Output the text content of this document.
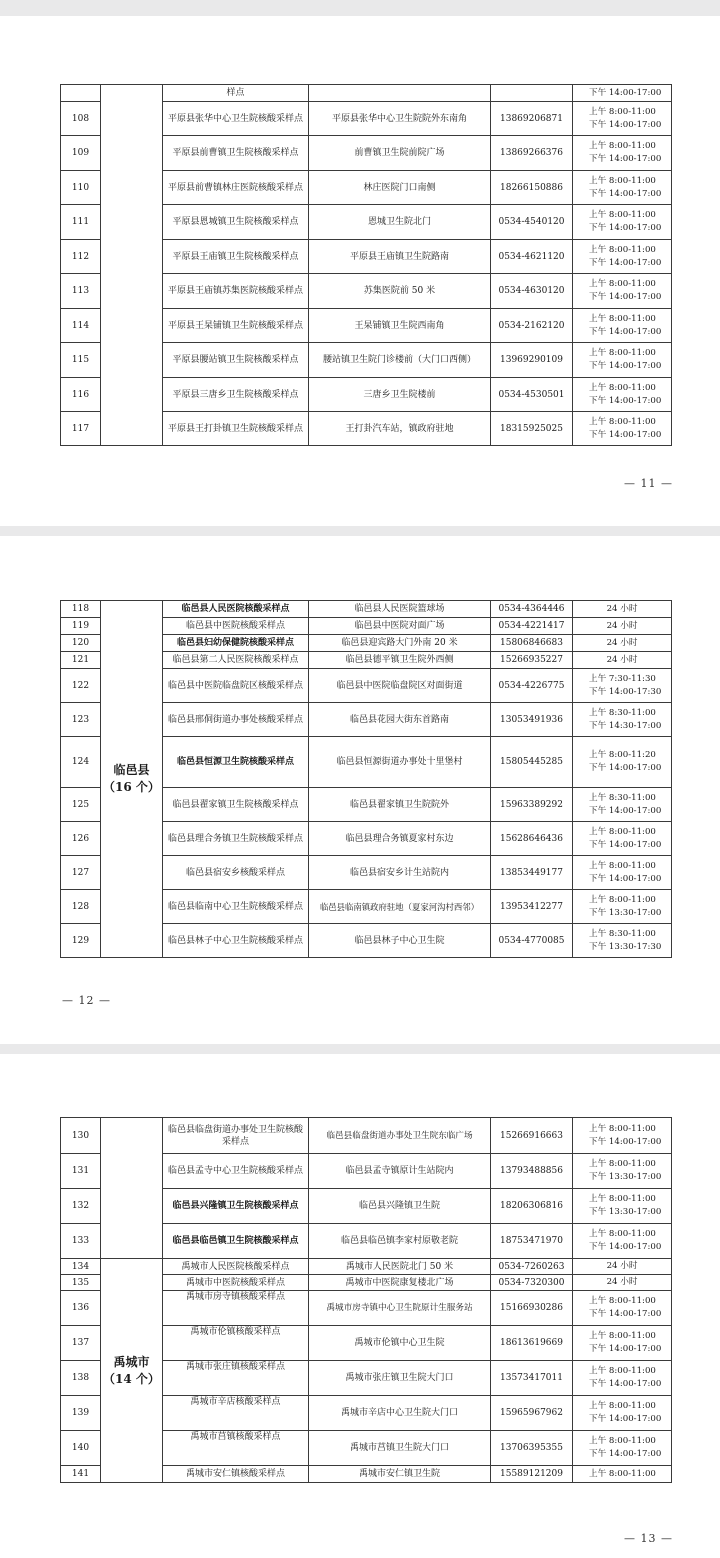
		样点			下午 14:00-17:00
108		平原县张华中心卫生院核酸采样点	平原县张华中心卫生院院外东南角	13869206871	上午 8:00-11:00
下午 14:00-17:00
109		平原县前曹镇卫生院核酸采样点	前曹镇卫生院前院广场	13869266376	上午 8:00-11:00
下午 14:00-17:00
110		平原县前曹镇林庄医院核酸采样点	林庄医院门口南侧	18266150886	上午 8:00-11:00
下午 14:00-17:00
111		平原县恩城镇卫生院核酸采样点	恩城卫生院北门	0534-4540120	上午 8:00-11:00
下午 14:00-17:00
112		平原县王庙镇卫生院核酸采样点	平原县王庙镇卫生院路南	0534-4621120	上午 8:00-11:00
下午 14:00-17:00
113		平原县王庙镇苏集医院核酸采样点	苏集医院前 50 米	0534-4630120	上午 8:00-11:00
下午 14:00-17:00
114		平原县王杲铺镇卫生院核酸采样点	王杲铺镇卫生院西南角	0534-2162120	上午 8:00-11:00
下午 14:00-17:00
115		平原县腰站镇卫生院核酸采样点	腰站镇卫生院门诊楼前（大门口西侧）	13969290109	上午 8:00-11:00
下午 14:00-17:00
116		平原县三唐乡卫生院核酸采样点	三唐乡卫生院楼前	0534-4530501	上午 8:00-11:00
下午 14:00-17:00
117		平原县王打卦镇卫生院核酸采样点	王打卦汽车站，镇政府驻地	18315925025	上午 8:00-11:00
下午 14:00-17:00
— 11 —
118	临邑县
（16 个）	临邑县人民医院核酸采样点	临邑县人民医院篮球场	0534-4364446	24 小时
119		临邑县中医院核酸采样点	临邑县中医院对面广场	0534-4221417	24 小时
120		临邑县妇幼保健院核酸采样点	临邑县迎宾路大门外南 20 米	15806846683	24 小时
121		临邑县第二人民医院核酸采样点	临邑县德平镇卫生院外西侧	15266935227	24 小时
122		临邑县中医院临盘院区核酸采样点	临邑县中医院临盘院区对面街道	0534-4226775	上午 7:30-11:30
下午 14:00-17:30
123		临邑县邢侗街道办事处核酸采样点	临邑县花园大街东首路南	13053491936	上午 8:30-11:00
下午 14:30-17:00
124		临邑县恒源卫生院核酸采样点	临邑县恒源街道办事处十里堡村	15805445285	上午 8:00-11:20
下午 14:00-17:00
125		临邑县翟家镇卫生院核酸采样点	临邑县翟家镇卫生院院外	15963389292	上午 8:30-11:00
下午 14:00-17:00
126		临邑县理合务镇卫生院核酸采样点	临邑县理合务镇夏家村东边	15628646436	上午 8:00-11:00
下午 14:00-17:00
127		临邑县宿安乡核酸采样点	临邑县宿安乡计生站院内	13853449177	上午 8:00-11:00
下午 14:00-17:00
128		临邑县临南中心卫生院核酸采样点	临邑县临南镇政府驻地（夏家河沟村西邻）	13953412277	上午 8:00-11:00
下午 13:30-17:00
129		临邑县林子中心卫生院核酸采样点	临邑县林子中心卫生院	0534-4770085	上午 8:30-11:00
下午 13:30-17:30
— 12 —
130		临邑县临盘街道办事处卫生院核酸采样点	临邑县临盘街道办事处卫生院东临广场	15266916663	上午 8:00-11:00
下午 14:00-17:00
131		临邑县孟寺中心卫生院核酸采样点	临邑县孟寺镇原计生站院内	13793488856	上午 8:00-11:00
下午 13:30-17:00
132		临邑县兴隆镇卫生院核酸采样点	临邑县兴隆镇卫生院	18206306816	上午 8:00-11:00
下午 13:30-17:00
133		临邑县临邑镇卫生院核酸采样点	临邑县临邑镇李家村原敬老院	18753471970	上午 8:00-11:00
下午 14:00-17:00
134	禹城市
（14 个）	禹城市人民医院核酸采样点	禹城市人民医院北门 50 米	0534-7260263	24 小时
135		禹城市中医院核酸采样点	禹城市中医院康复楼北广场	0534-7320300	24 小时
136		禹城市房寺镇核酸采样点	禹城市房寺镇中心卫生院原计生服务站	15166930286	上午 8:00-11:00
下午 14:00-17:00
137		禹城市伦镇核酸采样点	禹城市伦镇中心卫生院	18613619669	上午 8:00-11:00
下午 14:00-17:00
138		禹城市张庄镇核酸采样点	禹城市张庄镇卫生院大门口	13573417011	上午 8:00-11:00
下午 14:00-17:00
139		禹城市辛店核酸采样点	禹城市辛店中心卫生院大门口	15965967962	上午 8:00-11:00
下午 14:00-17:00
140		禹城市莒镇核酸采样点	禹城市莒镇卫生院大门口	13706395355	上午 8:00-11:00
下午 14:00-17:00
141		禹城市安仁镇核酸采样点	禹城市安仁镇卫生院	15589121209	上午 8:00-11:00
— 13 —
